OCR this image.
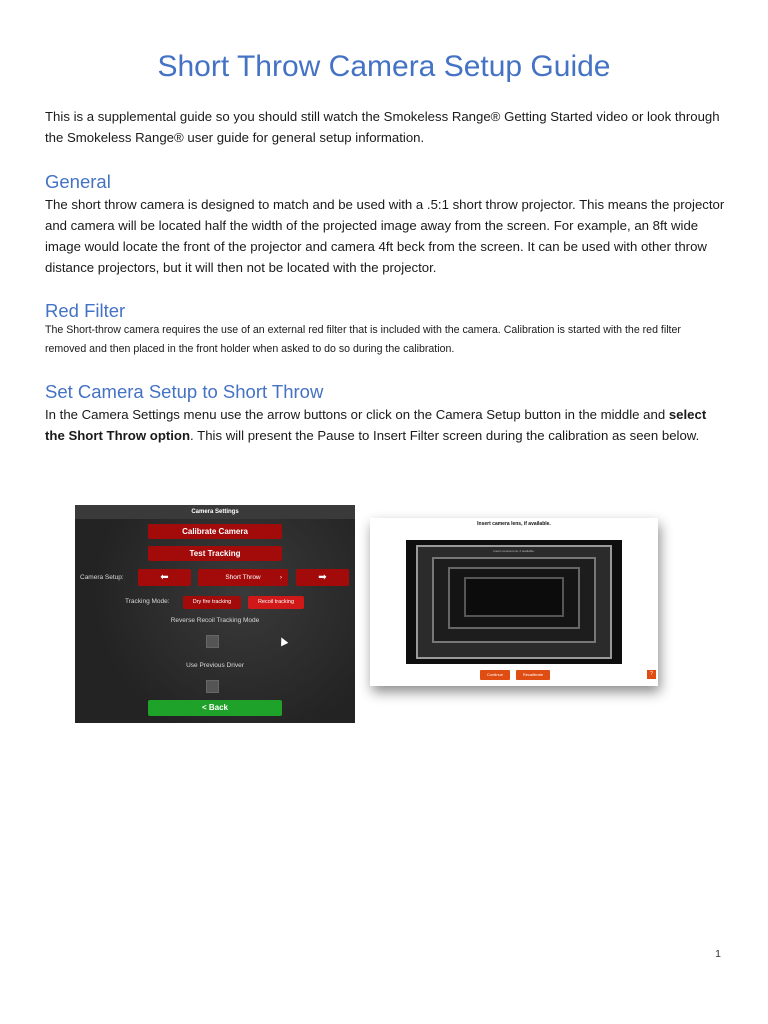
Short Throw Camera Setup Guide

This is a supplemental guide so you should still watch the Smokeless Range® Getting Started video or look through the Smokeless Range® user guide for general setup information.

General

The short throw camera is designed to match and be used with a .5:1 short throw projector. This means the projector and camera will be located half the width of the projected image away from the screen. For example, an 8ft wide image would locate the front of the projector and camera 4ft beck from the screen. It can be used with other throw distance projectors, but it will then not be located with the projector.

Red Filter

The Short-throw camera requires the use of an external red filter that is included with the camera. Calibration is started with the red filter removed and then placed in the front holder when asked to do so during the calibration.

Set Camera Setup to Short Throw

In the Camera Settings menu use the arrow buttons or click on the Camera Setup button in the middle and select the Short Throw option. This will present the Pause to Insert Filter screen during the calibration as seen below.

Camera Settings
Calibrate Camera
Test Tracking
Camera Setup:	⬅	Short Throw	›	➡
Tracking Mode:	Dry fire tracking	Recoil tracking
Reverse Recoil Tracking Mode
Use Previous Driver
< Back
Insert camera lens, if available.
Insert camera lens, if available.
Continue	Recalibrate	?
1
